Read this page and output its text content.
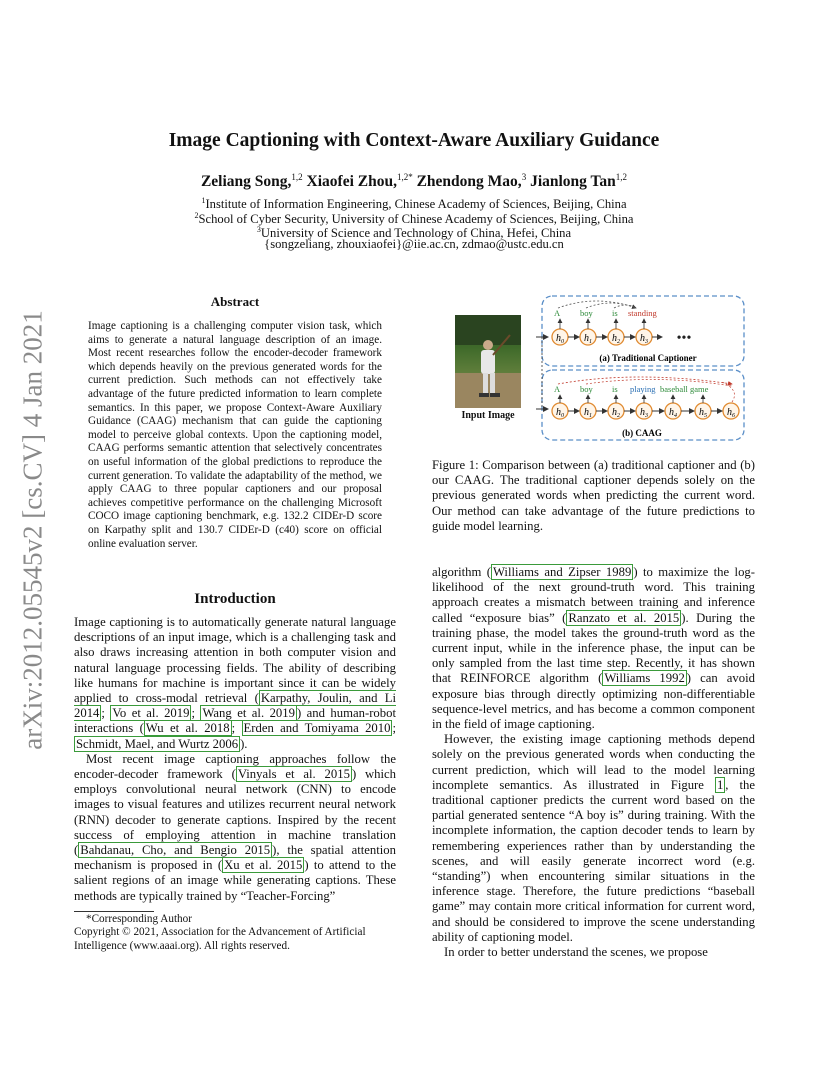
arXiv:2012.05545v2 [cs.CV] 4 Jan 2021
Image Captioning with Context-Aware Auxiliary Guidance
Zeliang Song,$^{1,2}$ Xiaofei Zhou,$^{1,2*}$ Zhendong Mao,$^3$ Jianlong Tan$^{1,2}$
$^1$Institute of Information Engineering, Chinese Academy of Sciences, Beijing, China
$^2$School of Cyber Security, University of Chinese Academy of Sciences, Beijing, China
$^3$University of Science and Technology of China, Hefei, China
{songzeliang, zhouxiaofei}@iie.ac.cn, zdmao@ustc.edu.cn
Abstract
Image captioning is a challenging computer vision task, which aims to generate a natural language description of an image. Most recent researches follow the encoder-decoder framework which depends heavily on the previous generated words for the current prediction. Such methods can not effectively take advantage of the future predicted information to learn complete semantics. In this paper, we propose Context-Aware Auxiliary Guidance (CAAG) mechanism that can guide the captioning model to perceive global contexts. Upon the captioning model, CAAG performs semantic attention that selectively concentrates on useful information of the global predictions to reproduce the current generation. To validate the adaptability of the method, we apply CAAG to three popular captioners and our proposal achieves competitive performance on the challenging Microsoft COCO image captioning benchmark, e.g. 132.2 CIDEr-D score on Karpathy split and 130.7 CIDEr-D (c40) score on official online evaluation server.
Introduction

Image captioning is to automatically generate natural language descriptions of an input image, which is a challenging task and also draws increasing attention in both computer vision and natural language processing fields. The ability of describing like humans for machine is important since it can be widely applied to cross-modal retrieval ( Karpathy, Joulin, and Li 2014 ; Vo et al. 2019 ; Wang et al. 2019 ) and human-robot interactions ( Wu et al. 2018 ; Erden and Tomiyama 2010 ; Schmidt, Mael, and Wurtz 2006 ).

Most recent image captioning approaches follow the encoder-decoder framework ( Vinyals et al. 2015 ) which employs convolutional neural network (CNN) to encode images to visual features and utilizes recurrent neural network (RNN) decoder to generate captions. Inspired by the recent success of employing attention in machine translation ( Bahdanau, Cho, and Bengio 2015 ), the spatial attention mechanism is proposed in ( Xu et al. 2015 ) to attend to the salient regions of an image while generating captions. These methods are typically trained by “Teacher-Forcing”

*Corresponding Author
Copyright © 2021, Association for the Advancement of Artificial Intelligence (www.aaai.org). All rights reserved.
Input Image
$h_0$ $h_1$ $h_2$ $h_3$ •••
A boy is standing
(a) Traditional Captioner
$h_0$ $h_1$ $h_2$ $h_3$ $h_4$ $h_5$ $h_6$
A boy is playing baseball game
(b) CAAG
Figure 1: Comparison between (a) traditional captioner and (b) our CAAG. The traditional captioner depends solely on the previous generated words when predicting the current word. Our method can take advantage of the future predictions to guide model learning.

algorithm ( Williams and Zipser 1989 ) to maximize the log-likelihood of the next ground-truth word. This training approach creates a mismatch between training and inference called “exposure bias” ( Ranzato et al. 2015 ). During the training phase, the model takes the ground-truth word as the current input, while in the inference phase, the input can be only sampled from the last time step. Recently, it has shown that REINFORCE algorithm ( Williams 1992 ) can avoid exposure bias through directly optimizing non-differentiable sequence-level metrics, and has become a common component in the field of image captioning.

However, the existing image captioning methods depend solely on the previous generated words when conducting the current prediction, which will lead to the model learning incomplete semantics. As illustrated in Figure 1 , the traditional captioner predicts the current word based on the partial generated sentence “A boy is” during training. With the incomplete information, the caption decoder tends to learn by remembering experiences rather than by understanding the scenes, and will easily generate incorrect word (e.g. “standing”) when encountering similar situations in the inference stage. Therefore, the future predictions “baseball game” may contain more critical information for current word, and should be considered to improve the scene understanding ability of captioning model.

In order to better understand the scenes, we propose
